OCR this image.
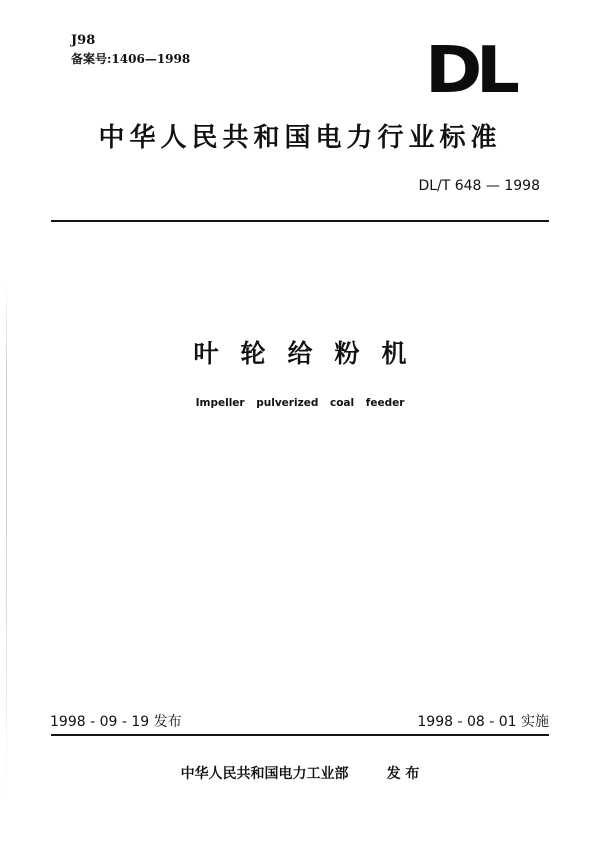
J98
备案号:1406—1998	DL
中华人民共和国电力行业标准
DL/T 648 — 1998
叶轮给粉机
Impeller pulverized coal feeder
1998 - 09 - 19 发布	1998 - 08 - 01 实施
中华人民共和国电力工业部	发 布
